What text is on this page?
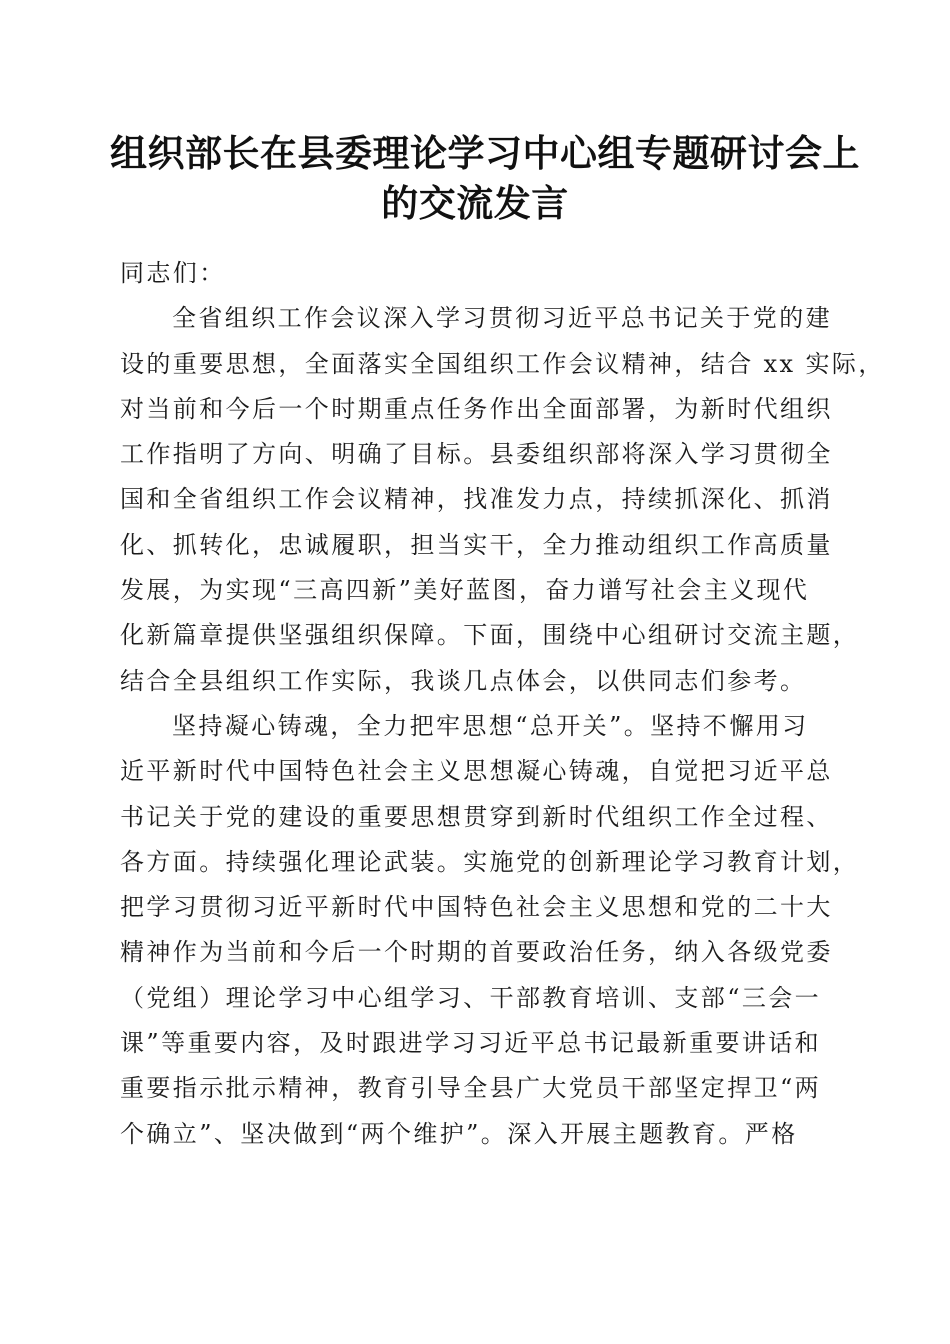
组织部长在县委理论学习中心组专题研讨会上
的交流发言
同志们：
全省组织工作会议深入学习贯彻习近平总书记关于党的建
设的重要思想，全面落实全国组织工作会议精神，结合 xx 实际，
对当前和今后一个时期重点任务作出全面部署，为新时代组织
工作指明了方向、明确了目标。县委组织部将深入学习贯彻全
国和全省组织工作会议精神，找准发力点，持续抓深化、抓消
化、抓转化，忠诚履职，担当实干，全力推动组织工作高质量
发展，为实现“三高四新”美好蓝图，奋力谱写社会主义现代
化新篇章提供坚强组织保障。下面，围绕中心组研讨交流主题，
结合全县组织工作实际，我谈几点体会，以供同志们参考。
坚持凝心铸魂，全力把牢思想“总开关”。坚持不懈用习
近平新时代中国特色社会主义思想凝心铸魂，自觉把习近平总
书记关于党的建设的重要思想贯穿到新时代组织工作全过程、
各方面。持续强化理论武装。实施党的创新理论学习教育计划，
把学习贯彻习近平新时代中国特色社会主义思想和党的二十大
精神作为当前和今后一个时期的首要政治任务，纳入各级党委
（党组）理论学习中心组学习、干部教育培训、支部“三会一
课”等重要内容，及时跟进学习习近平总书记最新重要讲话和
重要指示批示精神，教育引导全县广大党员干部坚定捍卫“两
个确立”、坚决做到“两个维护”。深入开展主题教育。严格
